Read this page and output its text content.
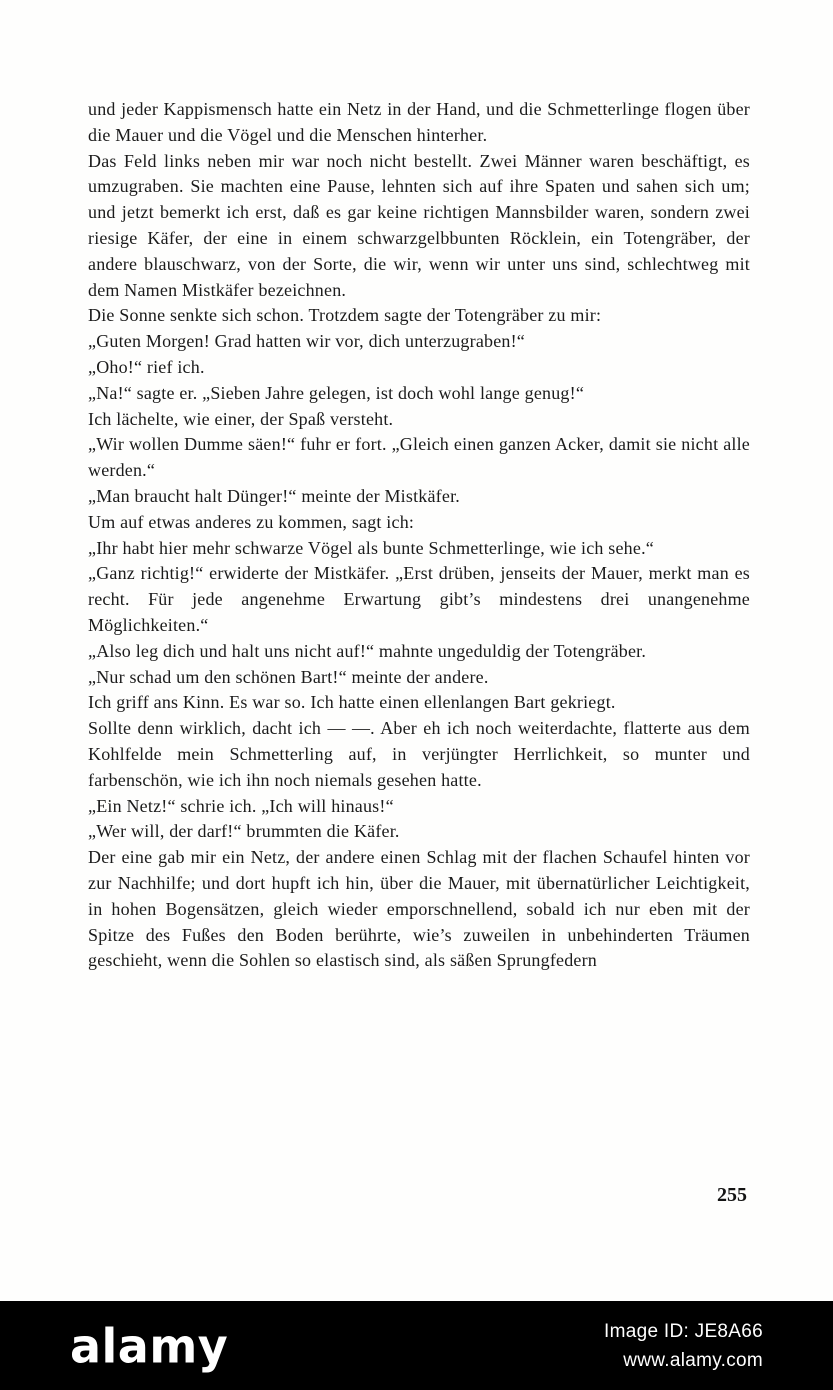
und jeder Kappismensch hatte ein Netz in der Hand, und die Schmetterlinge flogen über die Mauer und die Vögel und die Menschen hinterher.

Das Feld links neben mir war noch nicht bestellt. Zwei Männer waren beschäftigt, es umzugraben. Sie machten eine Pause, lehnten sich auf ihre Spaten und sahen sich um; und jetzt bemerkt ich erst, daß es gar keine richtigen Mannsbilder waren, sondern zwei riesige Käfer, der eine in einem schwarzgelbbunten Röcklein, ein Totengräber, der andere blauschwarz, von der Sorte, die wir, wenn wir unter uns sind, schlechtweg mit dem Namen Mistkäfer bezeichnen.

Die Sonne senkte sich schon. Trotzdem sagte der Totengräber zu mir:

„Guten Morgen! Grad hatten wir vor, dich unterzugraben!“

„Oho!“ rief ich.

„Na!“ sagte er. „Sieben Jahre gelegen, ist doch wohl lange genug!“

Ich lächelte, wie einer, der Spaß versteht.

„Wir wollen Dumme säen!“ fuhr er fort. „Gleich einen ganzen Acker, damit sie nicht alle werden.“

„Man braucht halt Dünger!“ meinte der Mistkäfer.

Um auf etwas anderes zu kommen, sagt ich:

„Ihr habt hier mehr schwarze Vögel als bunte Schmetterlinge, wie ich sehe.“

„Ganz richtig!“ erwiderte der Mistkäfer. „Erst drüben, jenseits der Mauer, merkt man es recht. Für jede angenehme Erwartung gibt’s mindestens drei unangenehme Möglichkeiten.“

„Also leg dich und halt uns nicht auf!“ mahnte ungeduldig der Totengräber.

„Nur schad um den schönen Bart!“ meinte der andere.

Ich griff ans Kinn. Es war so. Ich hatte einen ellenlangen Bart gekriegt.

Sollte denn wirklich, dacht ich — —. Aber eh ich noch weiterdachte, flatterte aus dem Kohlfelde mein Schmetterling auf, in verjüngter Herrlichkeit, so munter und farbenschön, wie ich ihn noch niemals gesehen hatte.

„Ein Netz!“ schrie ich. „Ich will hinaus!“

„Wer will, der darf!“ brummten die Käfer.

Der eine gab mir ein Netz, der andere einen Schlag mit der flachen Schaufel hinten vor zur Nachhilfe; und dort hupft ich hin, über die Mauer, mit übernatürlicher Leichtigkeit, in hohen Bogensätzen, gleich wieder emporschnellend, sobald ich nur eben mit der Spitze des Fußes den Boden berührte, wie’s zuweilen in unbehinderten Träumen geschieht, wenn die Sohlen so elastisch sind, als säßen Sprungfedern

255
alamy	Image ID: JE8A66
www.alamy.com
